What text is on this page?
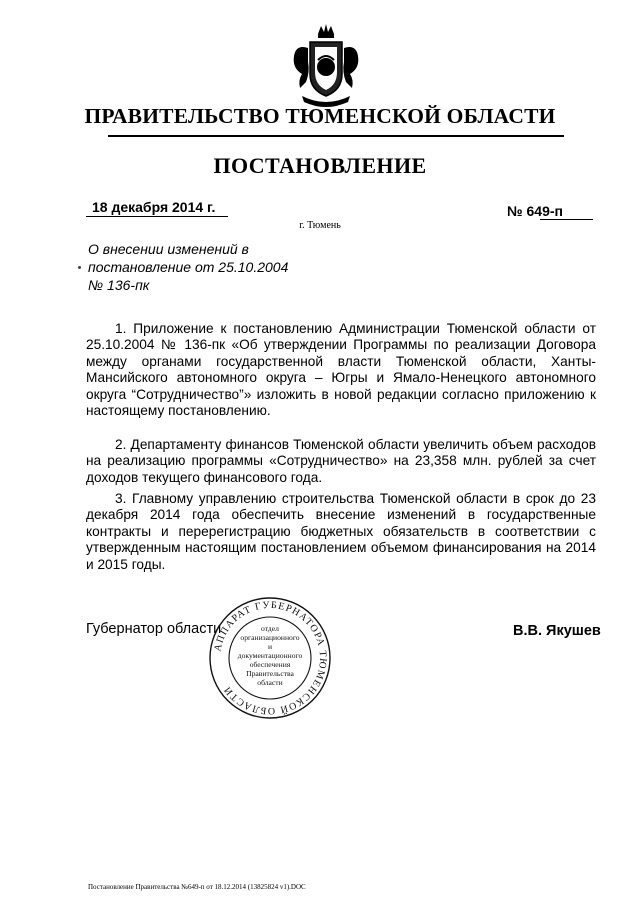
ПРАВИТЕЛЬСТВО ТЮМЕНСКОЙ ОБЛАСТИ
ПОСТАНОВЛЕНИЕ
18 декабря 2014 г.	№ 649-п
г. Тюмень
О внесении изменений в
постановление от 25.10.2004
№ 136-пк
1. Приложение к постановлению Администрации Тюменской области от 25.10.2004 № 136-пк «Об утверждении Программы по реализации Договора между органами государственной власти Тюменской области, Ханты-Мансийского автономного округа – Югры и Ямало-Ненецкого автономного округа “Сотрудничество”» изложить в новой редакции согласно приложению к настоящему постановлению.
2. Департаменту финансов Тюменской области увеличить объем расходов на реализацию программы «Сотрудничество» на 23,358 млн. рублей за счет доходов текущего финансового года.
3. Главному управлению строительства Тюменской области в срок до 23 декабря 2014 года обеспечить внесение изменений в государственные контракты и перерегистрацию бюджетных обязательств в соответствии с утвержденным настоящим постановлением объемом финансирования на 2014 и 2015 годы.
Губернатор области	В.В. Якушев
АППАРАТ ГУБЕРНАТОРА ТЮМЕНСКОЙ ОБЛАСТИ
отдел
организационного
и
документационного
обеспечения
Правительства
области
Постановление Правительства №649-п от 18.12.2014 (13825824 v1).DOC
